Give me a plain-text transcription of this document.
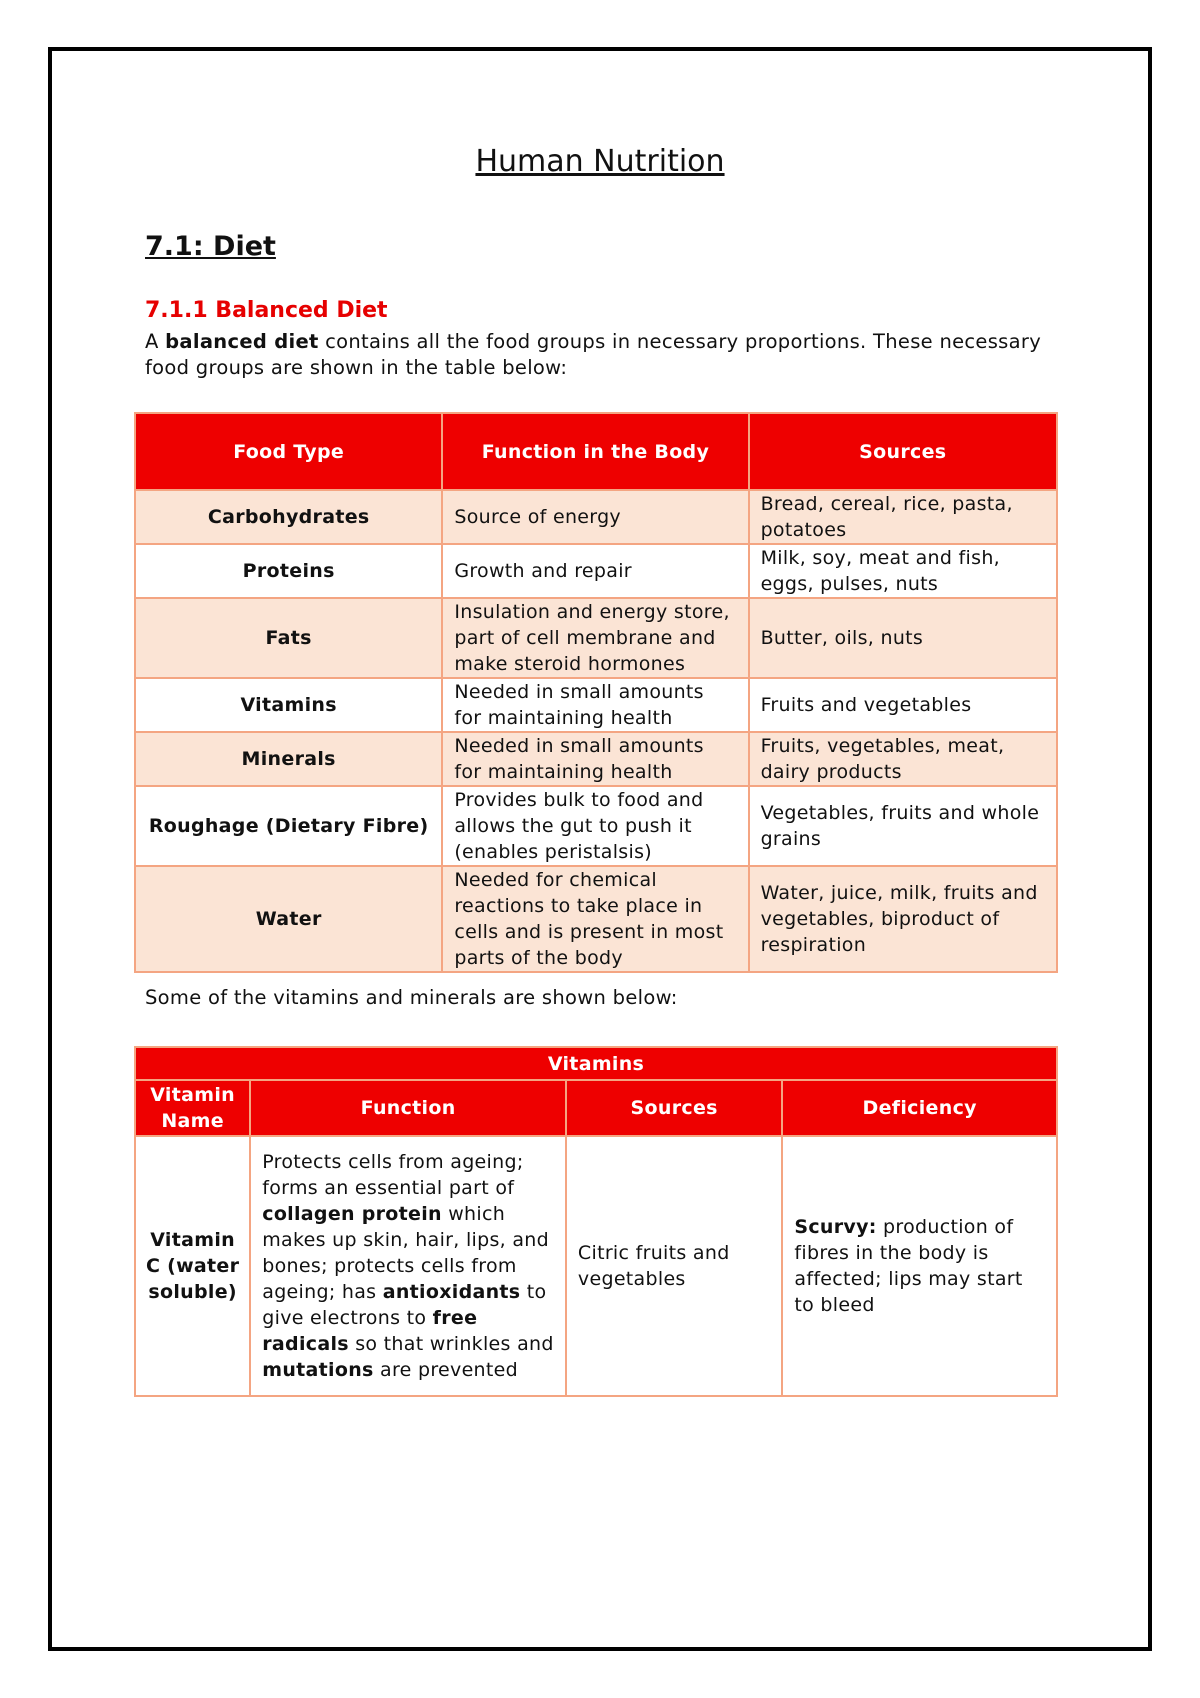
Human Nutrition
7.1: Diet
7.1.1 Balanced Diet
A balanced diet contains all the food groups in necessary proportions. These necessary food groups are shown in the table below:
Food Type	Function in the Body	Sources
Carbohydrates	Source of energy	Bread, cereal, rice, pasta, potatoes
Proteins	Growth and repair	Milk, soy, meat and fish, eggs, pulses, nuts
Fats	Insulation and energy store, part of cell membrane and make steroid hormones	Butter, oils, nuts
Vitamins	Needed in small amounts for maintaining health	Fruits and vegetables
Minerals	Needed in small amounts for maintaining health	Fruits, vegetables, meat, dairy products
Roughage (Dietary Fibre)	Provides bulk to food and allows the gut to push it (enables peristalsis)	Vegetables, fruits and whole grains
Water	Needed for chemical reactions to take place in cells and is present in most parts of the body	Water, juice, milk, fruits and vegetables, biproduct of respiration
Some of the vitamins and minerals are shown below:
Vitamins			
Vitamin Name	Function	Sources	Deficiency
Vitamin C (water soluble)	Protects cells from ageing; forms an essential part of collagen protein which makes up skin, hair, lips, and bones; protects cells from ageing; has antioxidants to give electrons to free radicals so that wrinkles and mutations are prevented	Citric fruits and vegetables	Scurvy: production of fibres in the body is affected; lips may start to bleed
